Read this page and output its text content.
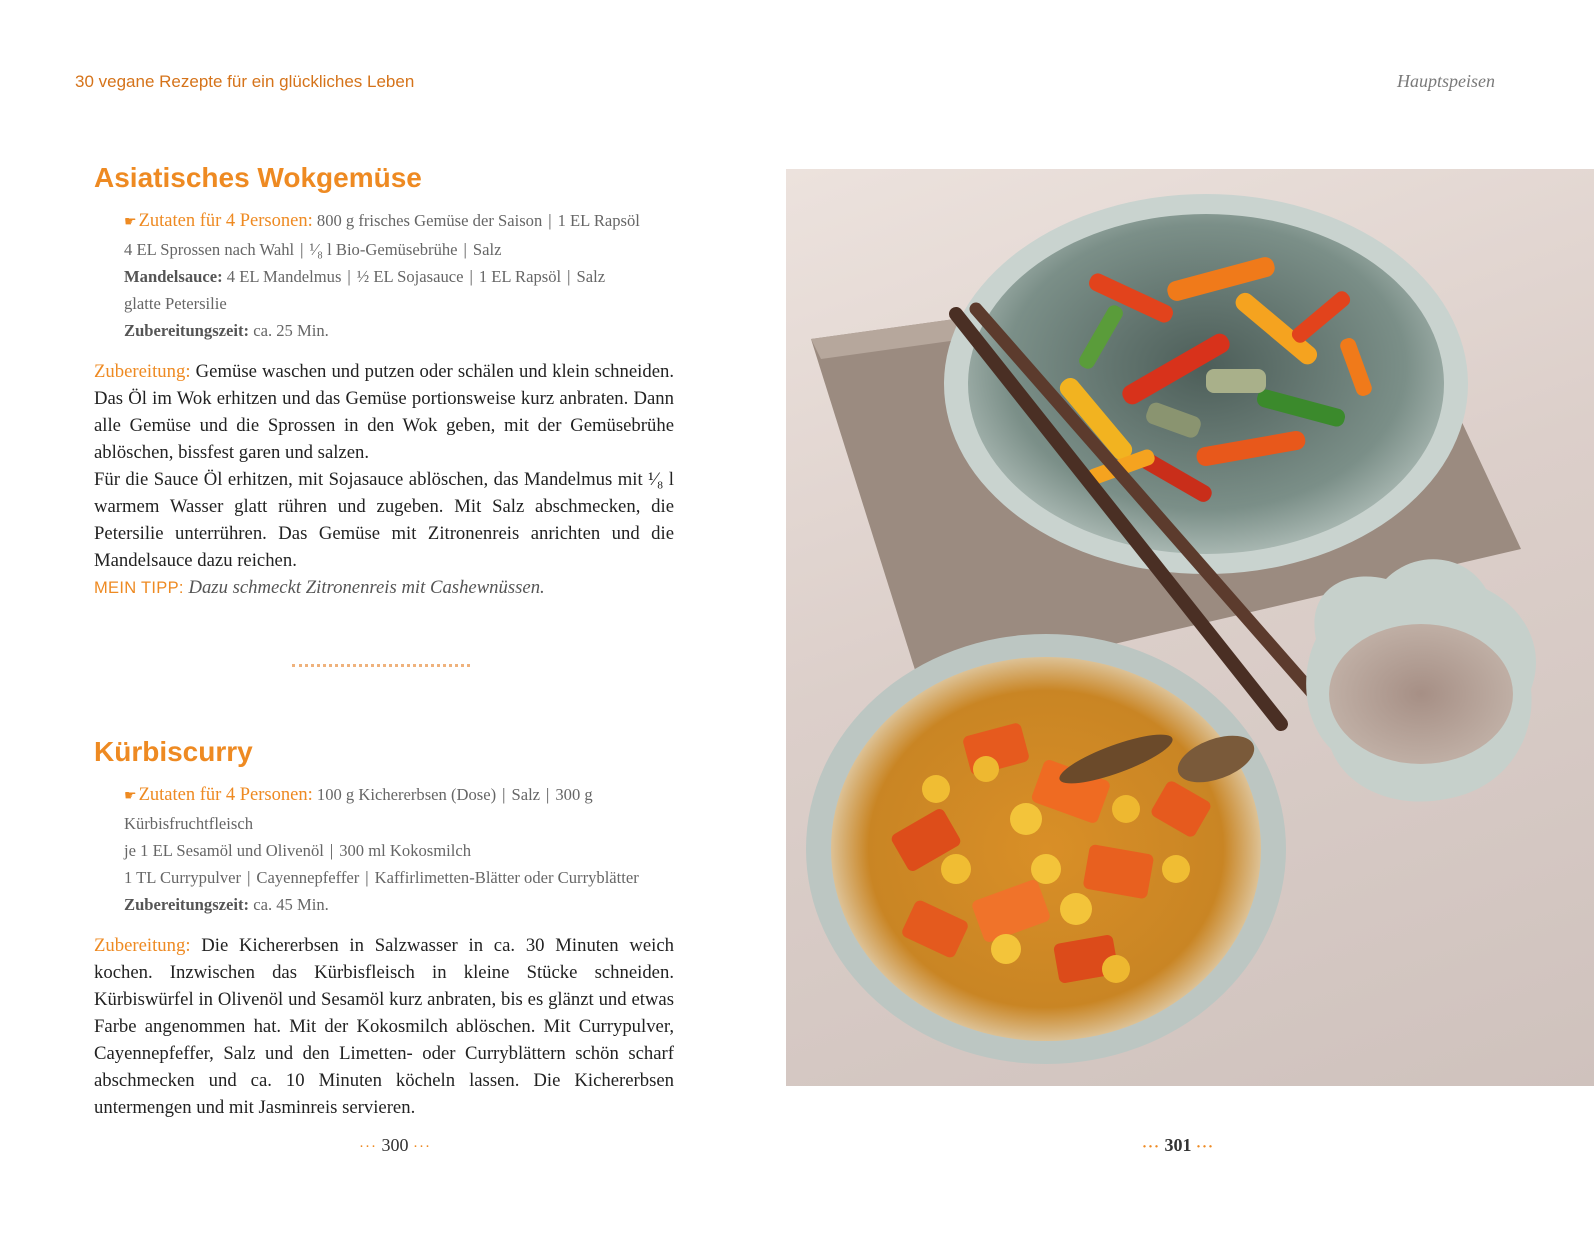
30 vegane Rezepte für ein glückliches Leben	Hauptspeisen
Asiatisches Wokgemüse
☛ Zutaten für 4 Personen: 800 g frisches Gemüse der Saison | 1 EL Rapsöl
4 EL Sprossen nach Wahl | ¹⁄₈ l Bio-Gemüsebrühe | Salz
Mandelsauce: 4 EL Mandelmus | ½ EL Sojasauce | 1 EL Rapsöl | Salz
glatte Petersilie
Zubereitungszeit: ca. 25 Min.
Zubereitung: Gemüse waschen und putzen oder schälen und klein schneiden. Das Öl im Wok erhitzen und das Gemüse portionsweise kurz anbraten. Dann alle Gemüse und die Sprossen in den Wok geben, mit der Gemüsebrühe ablöschen, bissfest garen und salzen.
Für die Sauce Öl erhitzen, mit Sojasauce ablöschen, das Mandelmus mit ¹⁄₈ l warmem Wasser glatt rühren und zugeben. Mit Salz abschmecken, die Petersilie unterrühren. Das Gemüse mit Zitronenreis anrichten und die Mandelsauce dazu reichen.
MEIN TIPP: Dazu schmeckt Zitronenreis mit Cashewnüssen.
Kürbiscurry
☛ Zutaten für 4 Personen: 100 g Kichererbsen (Dose) | Salz | 300 g Kürbisfruchtfleisch
je 1 EL Sesamöl und Olivenöl | 300 ml Kokosmilch
1 TL Currypulver | Cayennepfeffer | Kaffirlimetten-Blätter oder Curryblätter
Zubereitungszeit: ca. 45 Min.
Zubereitung: Die Kichererbsen in Salzwasser in ca. 30 Minuten weich kochen. Inzwischen das Kürbisfleisch in kleine Stücke schneiden. Kürbiswürfel in Olivenöl und Sesamöl kurz anbraten, bis es glänzt und etwas Farbe angenommen hat. Mit der Kokosmilch ablöschen. Mit Currypulver, Cayennepfeffer, Salz und den Limetten- oder Curryblättern schön scharf abschmecken und ca. 10 Minuten köcheln lassen. Die Kichererbsen untermengen und mit Jasminreis servieren.
··· 300 ···	··· 301 ···
